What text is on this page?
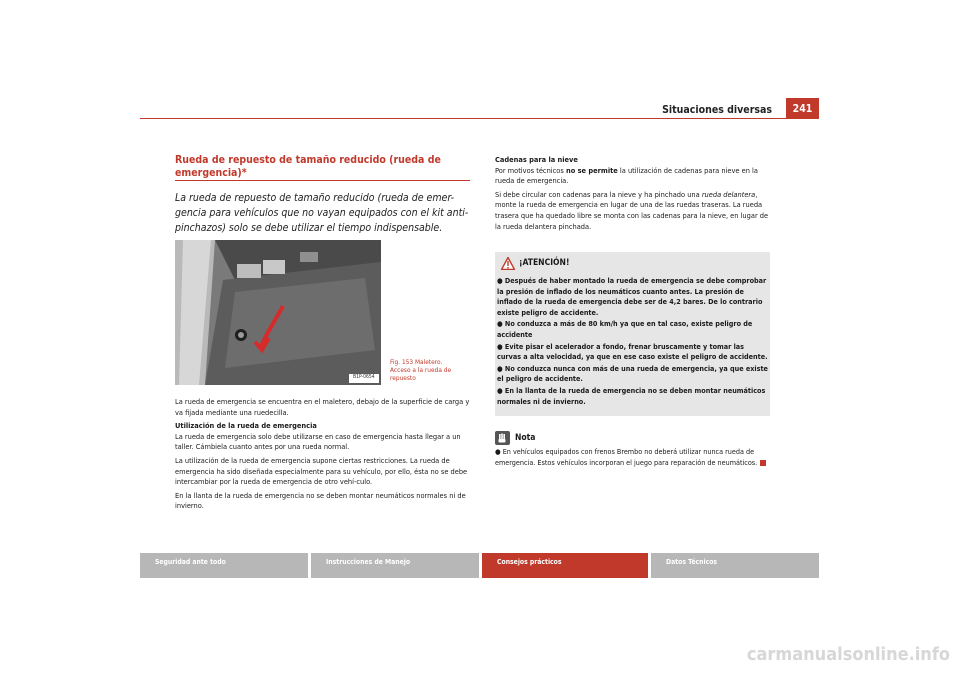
Situaciones diversas	241
Rueda de repuesto de tamaño reducido (rueda de emergencia)*
La rueda de repuesto de tamaño reducido (rueda de emer-gencia para vehículos que no vayan equipados con el kit anti-pinchazos) solo se debe utilizar el tiempo indispensable.
B1P-0654
Fig. 153 Maletero.
Acceso a la rueda de
repuesto

La rueda de emergencia se encuentra en el maletero, debajo de la superficie de carga y va fijada mediante una ruedecilla.

Utilización de la rueda de emergencia

La rueda de emergencia solo debe utilizarse en caso de emergencia hasta llegar a un taller. Cámbiela cuanto antes por una rueda normal.

La utilización de la rueda de emergencia supone ciertas restricciones. La rueda de emergencia ha sido diseñada especialmente para su vehículo, por ello, ésta no se debe intercambiar por la rueda de emergencia de otro vehí-culo.

En la llanta de la rueda de emergencia no se deben montar neumáticos normales ni de invierno.

Cadenas para la nieve

Por motivos técnicos no se permite la utilización de cadenas para nieve en la rueda de emergencia.

Si debe circular con cadenas para la nieve y ha pinchado una rueda delantera, monte la rueda de emergencia en lugar de una de las ruedas traseras. La rueda trasera que ha quedado libre se monta con las cadenas para la nieve, en lugar de la rueda delantera pinchada.

¡ATENCIÓN!
● Después de haber montado la rueda de emergencia se debe comprobar la presión de inflado de los neumáticos cuanto antes. La presión de inflado de la rueda de emergencia debe ser de 4,2 bares. De lo contrario existe peligro de accidente.
● No conduzca a más de 80 km/h ya que en tal caso, existe peligro de accidente
● Evite pisar el acelerador a fondo, frenar bruscamente y tomar las curvas a alta velocidad, ya que en ese caso existe el peligro de accidente.
● No conduzca nunca con más de una rueda de emergencia, ya que existe el peligro de accidente.
● En la llanta de la rueda de emergencia no se deben montar neumáticos normales ni de invierno.
Nota
● En vehículos equipados con frenos Brembo no deberá utilizar nunca rueda de emergencia. Estos vehículos incorporan el juego para reparación de neumáticos.
Seguridad ante todo	Instrucciones de Manejo	Consejos prácticos	Datos Técnicos
carmanualsonline.info
